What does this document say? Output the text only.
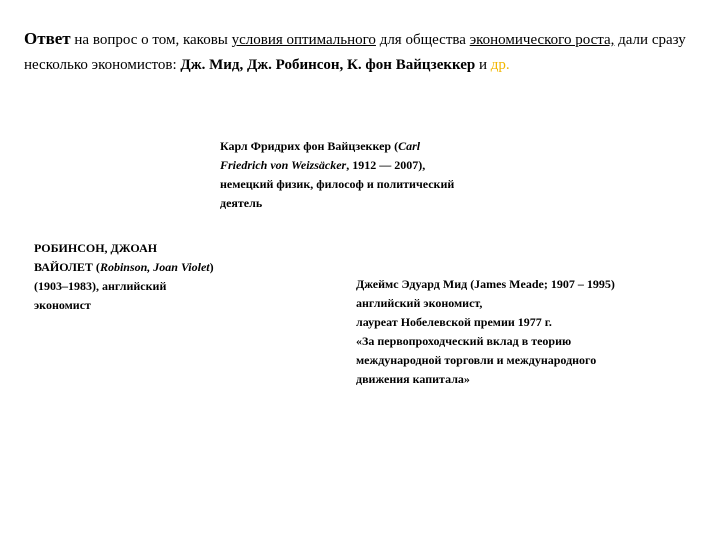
Ответ на вопрос о том, каковы условия оптимального для общества экономического роста, дали сразу несколько экономистов: Дж. Мид, Дж. Робинсон, К. фон Вайцзеккер и др.

Карл Фридрих фон Вайцзеккер (Carl Friedrich von Weizsäcker, 1912 — 2007), немецкий физик, философ и политический деятель

РОБИНСОН, ДЖОАН ВАЙОЛЕТ (Robinson, Joan Violet) (1903–1983), английский экономист

Джеймс Эдуард Мид (James Meade; 1907 – 1995) английский экономист,
лауреат Нобелевской премии 1977 г.
«За первопроходческий вклад в теорию международной торговли и международного движения капитала»
